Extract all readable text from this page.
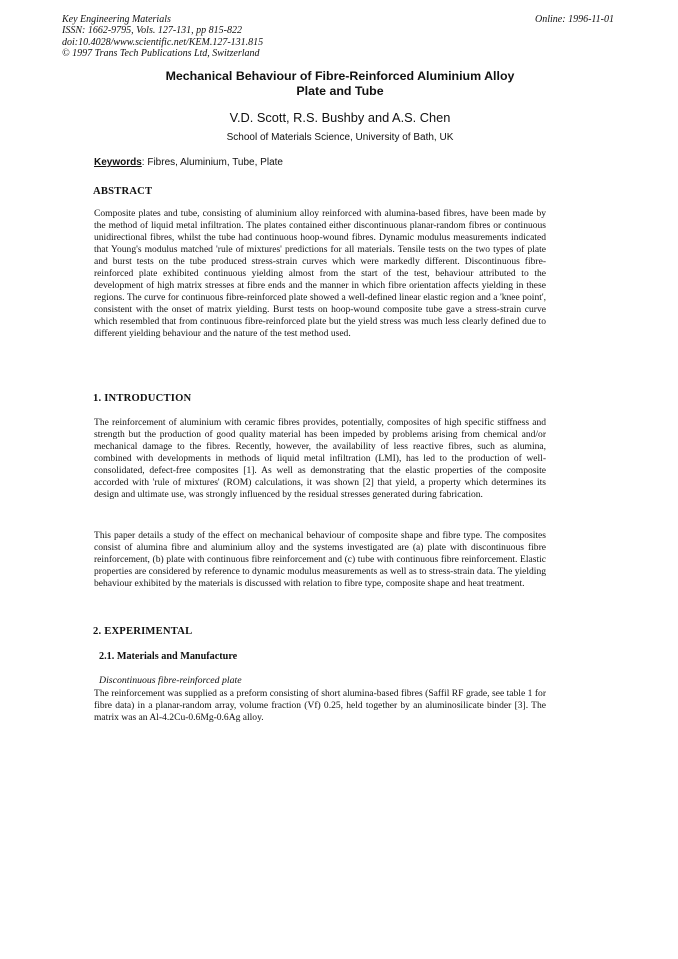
Key Engineering Materials
ISSN: 1662-9795, Vols. 127-131, pp 815-822
doi:10.4028/www.scientific.net/KEM.127-131.815
© 1997 Trans Tech Publications Ltd, Switzerland
Online: 1996-11-01
Mechanical Behaviour of Fibre-Reinforced Aluminium Alloy
Plate and Tube
V.D. Scott, R.S. Bushby and A.S. Chen
School of Materials Science, University of Bath, UK
Keywords: Fibres, Aluminium, Tube, Plate
ABSTRACT

Composite plates and tube, consisting of aluminium alloy reinforced with alumina-based fibres, have been made by the method of liquid metal infiltration. The plates contained either discontinuous planar-random fibres or continuous unidirectional fibres, whilst the tube had continuous hoop-wound fibres. Dynamic modulus measurements indicated that Young's modulus matched 'rule of mixtures' predictions for all materials. Tensile tests on the two types of plate and burst tests on the tube produced stress-strain curves which were markedly different. Discontinuous fibre-reinforced plate exhibited continuous yielding almost from the start of the test, behaviour attributed to the development of high matrix stresses at fibre ends and the manner in which fibre orientation affects yielding in these regions. The curve for continuous fibre-reinforced plate showed a well-defined linear elastic region and a 'knee point', consistent with the onset of matrix yielding. Burst tests on hoop-wound composite tube gave a stress-strain curve which resembled that from continuous fibre-reinforced plate but the yield stress was much less clearly defined due to different yielding behaviour and the nature of the test method used.

1. INTRODUCTION

The reinforcement of aluminium with ceramic fibres provides, potentially, composites of high specific stiffness and strength but the production of good quality material has been impeded by problems arising from chemical and/or mechanical damage to the fibres. Recently, however, the availability of less reactive fibres, such as alumina, combined with developments in methods of liquid metal infiltration (LMI), has led to the production of well-consolidated, defect-free composites [1]. As well as demonstrating that the elastic properties of the composite accorded with 'rule of mixtures' (ROM) calculations, it was shown [2] that yield, a property which determines its design and ultimate use, was strongly influenced by the residual stresses generated during fabrication.

This paper details a study of the effect on mechanical behaviour of composite shape and fibre type. The composites consist of alumina fibre and aluminium alloy and the systems investigated are (a) plate with discontinuous fibre reinforcement, (b) plate with continuous fibre reinforcement and (c) tube with continuous fibre reinforcement. Elastic properties are considered by reference to dynamic modulus measurements as well as to stress-strain data. The yielding behaviour exhibited by the materials is discussed with relation to fibre type, composite shape and heat treatment.

2. EXPERIMENTAL
2.1. Materials and Manufacture
Discontinuous fibre-reinforced plate

The reinforcement was supplied as a preform consisting of short alumina-based fibres (Saffil RF grade, see table 1 for fibre data) in a planar-random array, volume fraction (Vf) 0.25, held together by an aluminosilicate binder [3]. The matrix was an Al-4.2Cu-0.6Mg-0.6Ag alloy.
